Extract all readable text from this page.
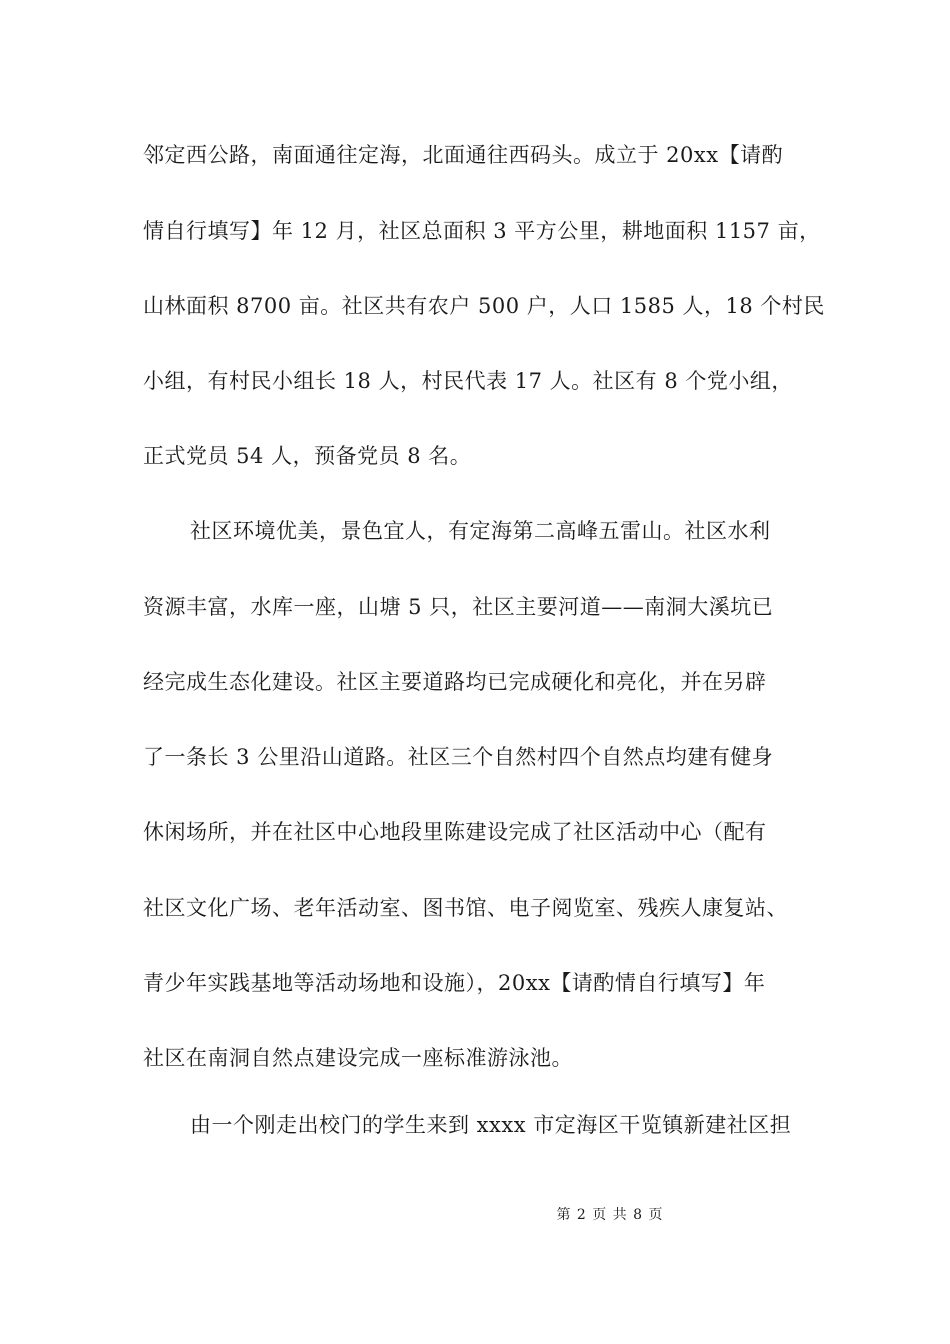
邻定西公路，南面通往定海，北面通往西码头。成立于 20xx【请酌
情自行填写】年 12 月，社区总面积 3 平方公里，耕地面积 1157 亩，
山林面积 8700 亩。社区共有农户 500 户，人口 1585 人，18 个村民
小组，有村民小组长 18 人，村民代表 17 人。社区有 8 个党小组，
正式党员 54 人，预备党员 8 名。
社区环境优美，景色宜人，有定海第二高峰五雷山。社区水利
资源丰富，水库一座，山塘 5 只，社区主要河道——南洞大溪坑已
经完成生态化建设。社区主要道路均已完成硬化和亮化，并在另辟
了一条长 3 公里沿山道路。社区三个自然村四个自然点均建有健身
休闲场所，并在社区中心地段里陈建设完成了社区活动中心（配有
社区文化广场、老年活动室、图书馆、电子阅览室、残疾人康复站、
青少年实践基地等活动场地和设施），20xx【请酌情自行填写】年
社区在南洞自然点建设完成一座标准游泳池。
由一个刚走出校门的学生来到 xxxx 市定海区干览镇新建社区担
第 2 页 共 8 页
